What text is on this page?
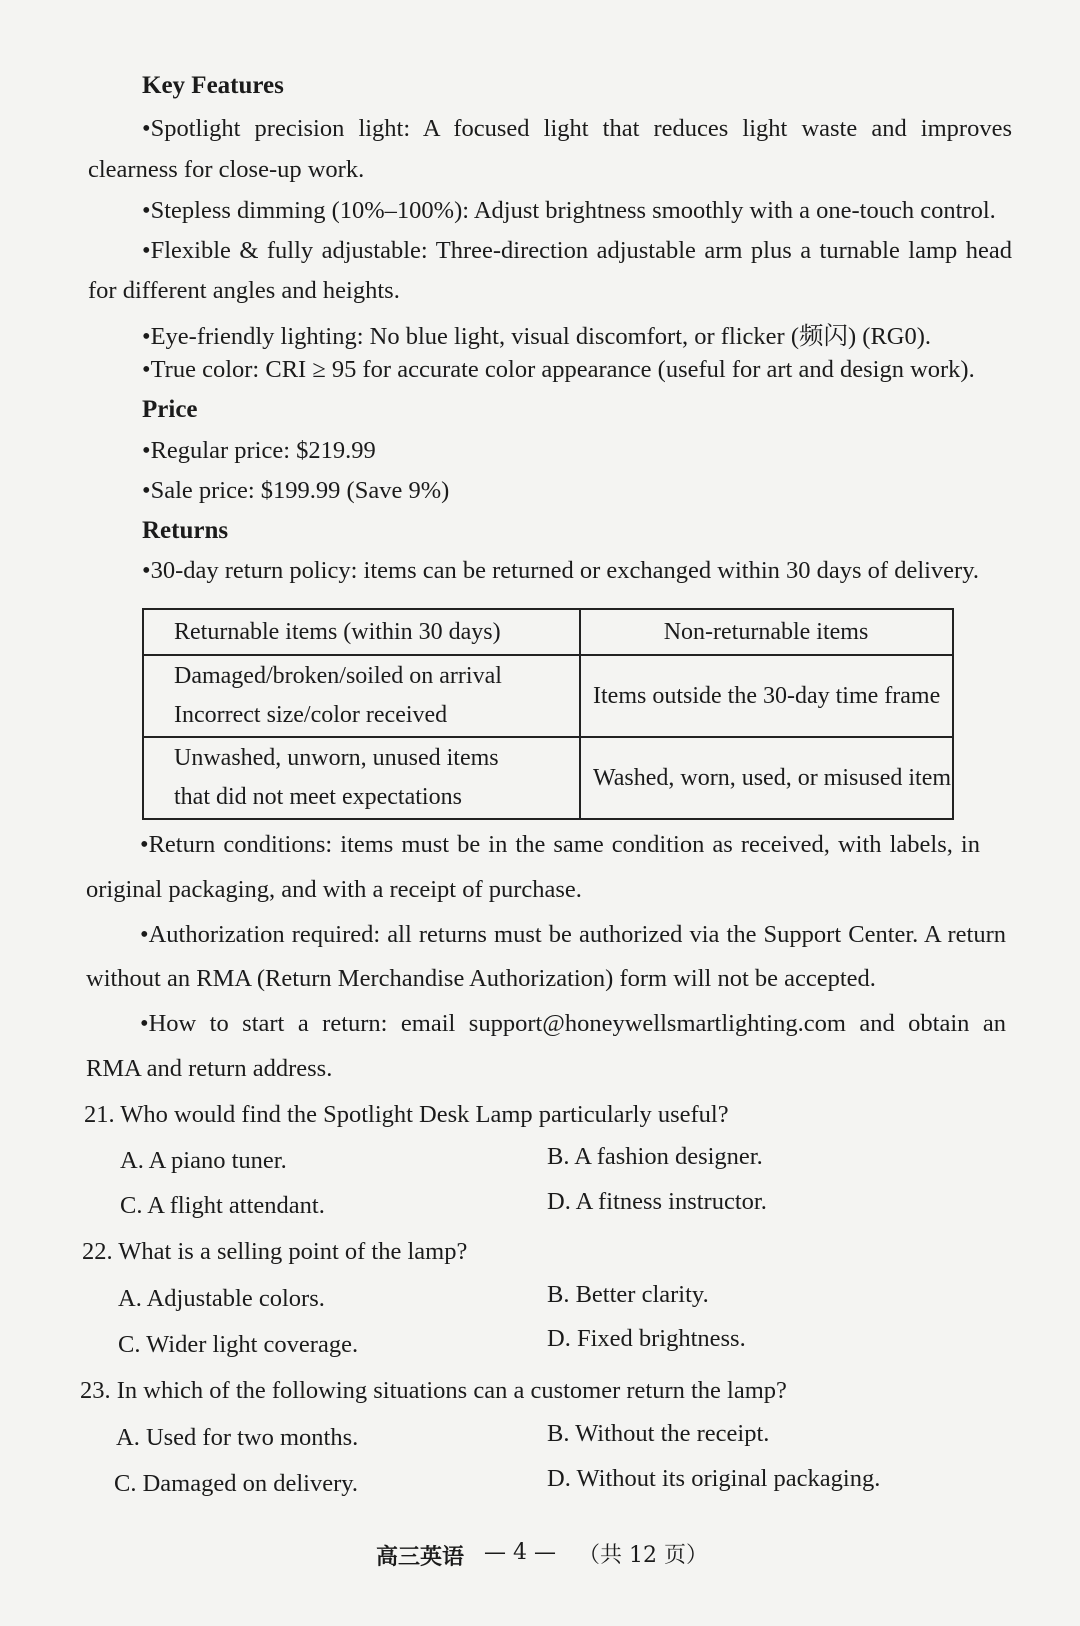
Key Features
•Spotlight precision light: A focused light that reduces light waste and improves
clearness for close-up work.
•Stepless dimming (10%–100%): Adjust brightness smoothly with a one-touch control.
•Flexible & fully adjustable: Three-direction adjustable arm plus a turnable lamp head
for different angles and heights.
•Eye-friendly lighting: No blue light, visual discomfort, or flicker (频闪) (RG0).
•True color: CRI ≥ 95 for accurate color appearance (useful for art and design work).
Price
•Regular price: $219.99
•Sale price: $199.99 (Save 9%)
Returns
•30-day return policy: items can be returned or exchanged within 30 days of delivery.
Returnable items (within 30 days)	Non-returnable items

Damaged/broken/soiled on arrival
Incorrect size/color received	Items outside the 30-day time frame

Unwashed, unworn, unused items
that did not meet expectations	Washed, worn, used, or misused item
•Return conditions: items must be in the same condition as received, with labels, in
original packaging, and with a receipt of purchase.
•Authorization required: all returns must be authorized via the Support Center. A return
without an RMA (Return Merchandise Authorization) form will not be accepted.
•How to start a return: email support@honeywellsmartlighting.com and obtain an
RMA and return address.
21. Who would find the Spotlight Desk Lamp particularly useful?
A. A piano tuner.	B. A fashion designer.
C. A flight attendant.	D. A fitness instructor.
22. What is a selling point of the lamp?
A. Adjustable colors.	B. Better clarity.
C. Wider light coverage.	D. Fixed brightness.
23. In which of the following situations can a customer return the lamp?
A. Used for two months.	B. Without the receipt.
C. Damaged on delivery.	D. Without its original packaging.
高三英语 — 4 — （共 12 页）
